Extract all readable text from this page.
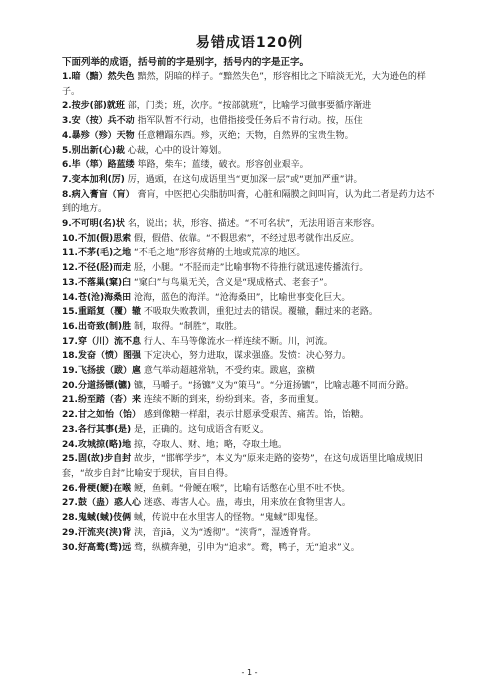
易错成语120例
下面列举的成语，括号前的字是别字，括号内的字是正字。

1.暗（黯）然失色 黯然，阴暗的样子。“黯然失色”，形容相比之下暗淡无光，大为逊色的样子。

2.按步(部)就班 部，门类；班，次序。“按部就班”，比喻学习做事要循序渐进

3.安（按）兵不动 指军队暂不行动，也借指接受任务后不肯行动。按，压住

4.暴殄（殄）天物 任意糟蹋东西。殄，灭绝；天物，自然界的宝贵生物。

5.别出新(心)裁 心裁，心中的设计筹划。

6.毕（筚）路蓝缕 筚路，柴车；蓝缕，破衣。形容创业艰辛。

7.变本加利(厉) 厉，過頭，在这句成语里当“更加深一层”或“更加严重”讲。

8.病入膏盲（肓） 膏肓，中医把心尖脂肪叫膏，心脏和隔膜之间叫肓，认为此二者是药力达不到的地方。

9.不可明(名)状 名，说出；状，形容、描述。“不可名状”，无法用语言来形容。

10.不加(假)思索 假，假借、依靠。“不假思索”，不经过思考就作出反应。

11.不茅(毛)之地 “不毛之地”形容贫瘠的土地或荒凉的地区。

12.不径(胫)而走 胫，小腿。“不胫而走”比喻事物不待推行就迅速传播流行。

13.不落巢(窠)臼 “窠臼”与鸟巢无关，含义是“现成格式、老套子”。

14.苍(沧)海桑田 沧海，蓝色的海洋。“沧海桑田”，比喻世事变化巨大。

15.重蹈复（覆）辙 不吸取失败教训，重犯过去的错误。覆辙，翻过来的老路。

16.出奇致(制)胜 制，取得。“制胜”，取胜。

17.穿（川）流不息 行人、车马等像流水一样连续不断。川，河流。

18.发奋（愤）图强 下定决心，努力进取，谋求强盛。发愤：决心努力。

19.飞扬拔（跋）扈 意气举动超越常轨，不受约束。跋扈，蛮横

20.分道扬镖(镳) 镳，马嚼子。“扬镳”义为“策马”。“分道扬镳”，比喻志趣不同而分路。

21.纷至踏（沓）来 连续不断的到来，纷纷到来。沓，多而重复。

22.甘之如怡（饴） 感到像糖一样甜，表示甘愿承受艰苦、痛苦。饴，饴糖。

23.各行其事(是) 是，正确的。这句成语含有贬义。

24.攻城掠(略)地 掠，夺取人、财、地；略，夺取土地。

25.固(故)步自封 故步，“邯郸学步”，本义为“原来走路的姿势”，在这句成语里比喻成规旧套，“故步自封”比喻安于现状，盲目自得。

26.骨梗(鲠)在喉 鲠，鱼刺。“骨鲠在喉”，比喻有话憋在心里不吐不快。

27.鼓（蛊）惑人心 迷惑、毒害人心。蛊，毒虫，用来放在食物里害人。

28.鬼蜮(蜮)伎俩 蜮，传说中在水里害人的怪物。“鬼蜮”即鬼怪。

29.汗流夹(浃)背 浃，音jiā，义为“透彻”。“浃背”，湿透脊背。

30.好高鹜(骛)远 骛，纵横奔驰，引申为“追求”。鹜，鸭子，无“追求”义。

- 1 -
